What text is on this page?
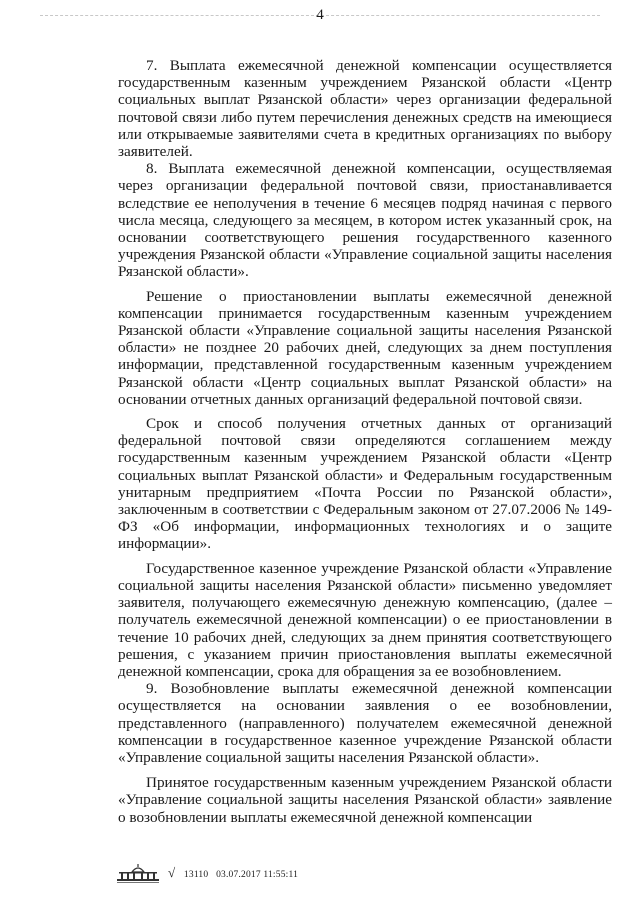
4

7. Выплата ежемесячной денежной компенсации осуществляется государственным казенным учреждением Рязанской области «Центр социальных выплат Рязанской области» через организации федеральной почтовой связи либо путем перечисления денежных средств на имеющиеся или открываемые заявителями счета в кредитных организациях по выбору заявителей.

8. Выплата ежемесячной денежной компенсации, осуществляемая через организации федеральной почтовой связи, приостанавливается вследствие ее неполучения в течение 6 месяцев подряд начиная с первого числа месяца, следующего за месяцем, в котором истек указанный срок, на основании соответствующего решения государственного казенного учреждения Рязанской области «Управление социальной защиты населения Рязанской области».

Решение о приостановлении выплаты ежемесячной денежной компенсации принимается государственным казенным учреждением Рязанской области «Управление социальной защиты населения Рязанской области» не позднее 20 рабочих дней, следующих за днем поступления информации, представленной государственным казенным учреждением Рязанской области «Центр социальных выплат Рязанской области» на основании отчетных данных организаций федеральной почтовой связи.

Срок и способ получения отчетных данных от организаций федеральной почтовой связи определяются соглашением между государственным казенным учреждением Рязанской области «Центр социальных выплат Рязанской области» и Федеральным государственным унитарным предприятием «Почта России по Рязанской области», заключенным в соответствии с Федеральным законом от 27.07.2006 № 149-ФЗ «Об информации, информационных технологиях и о защите информации».

Государственное казенное учреждение Рязанской области «Управление социальной защиты населения Рязанской области» письменно уведомляет заявителя, получающего ежемесячную денежную компенсацию, (далее – получатель ежемесячной денежной компенсации) о ее приостановлении в течение 10 рабочих дней, следующих за днем принятия соответствующего решения, с указанием причин приостановления выплаты ежемесячной денежной компенсации, срока для обращения за ее возобновлением.

9. Возобновление выплаты ежемесячной денежной компенсации осуществляется на основании заявления о ее возобновлении, представленного (направленного) получателем ежемесячной денежной компенсации в государственное казенное учреждение Рязанской области «Управление социальной защиты населения Рязанской области».

Принятое государственным казенным учреждением Рязанской области «Управление социальной защиты населения Рязанской области» заявление о возобновлении выплаты ежемесячной денежной компенсации

√ 13110 03.07.2017 11:55:11
